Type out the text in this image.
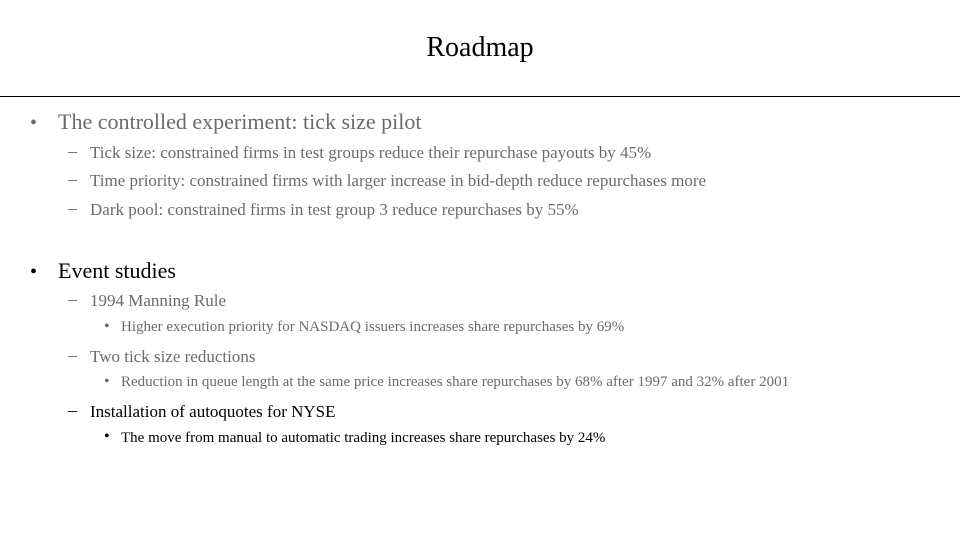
Roadmap
• The controlled experiment: tick size pilot
– Tick size: constrained firms in test groups reduce their repurchase payouts by 45%
– Time priority: constrained firms with larger increase in bid-depth reduce repurchases more
– Dark pool: constrained firms in test group 3 reduce repurchases by 55%
• Event studies
– 1994 Manning Rule
• Higher execution priority for NASDAQ issuers increases share repurchases by 69%
– Two tick size reductions
• Reduction in queue length at the same price increases share repurchases by 68% after 1997 and 32% after 2001
– Installation of autoquotes for NYSE
• The move from manual to automatic trading increases share repurchases by 24%
